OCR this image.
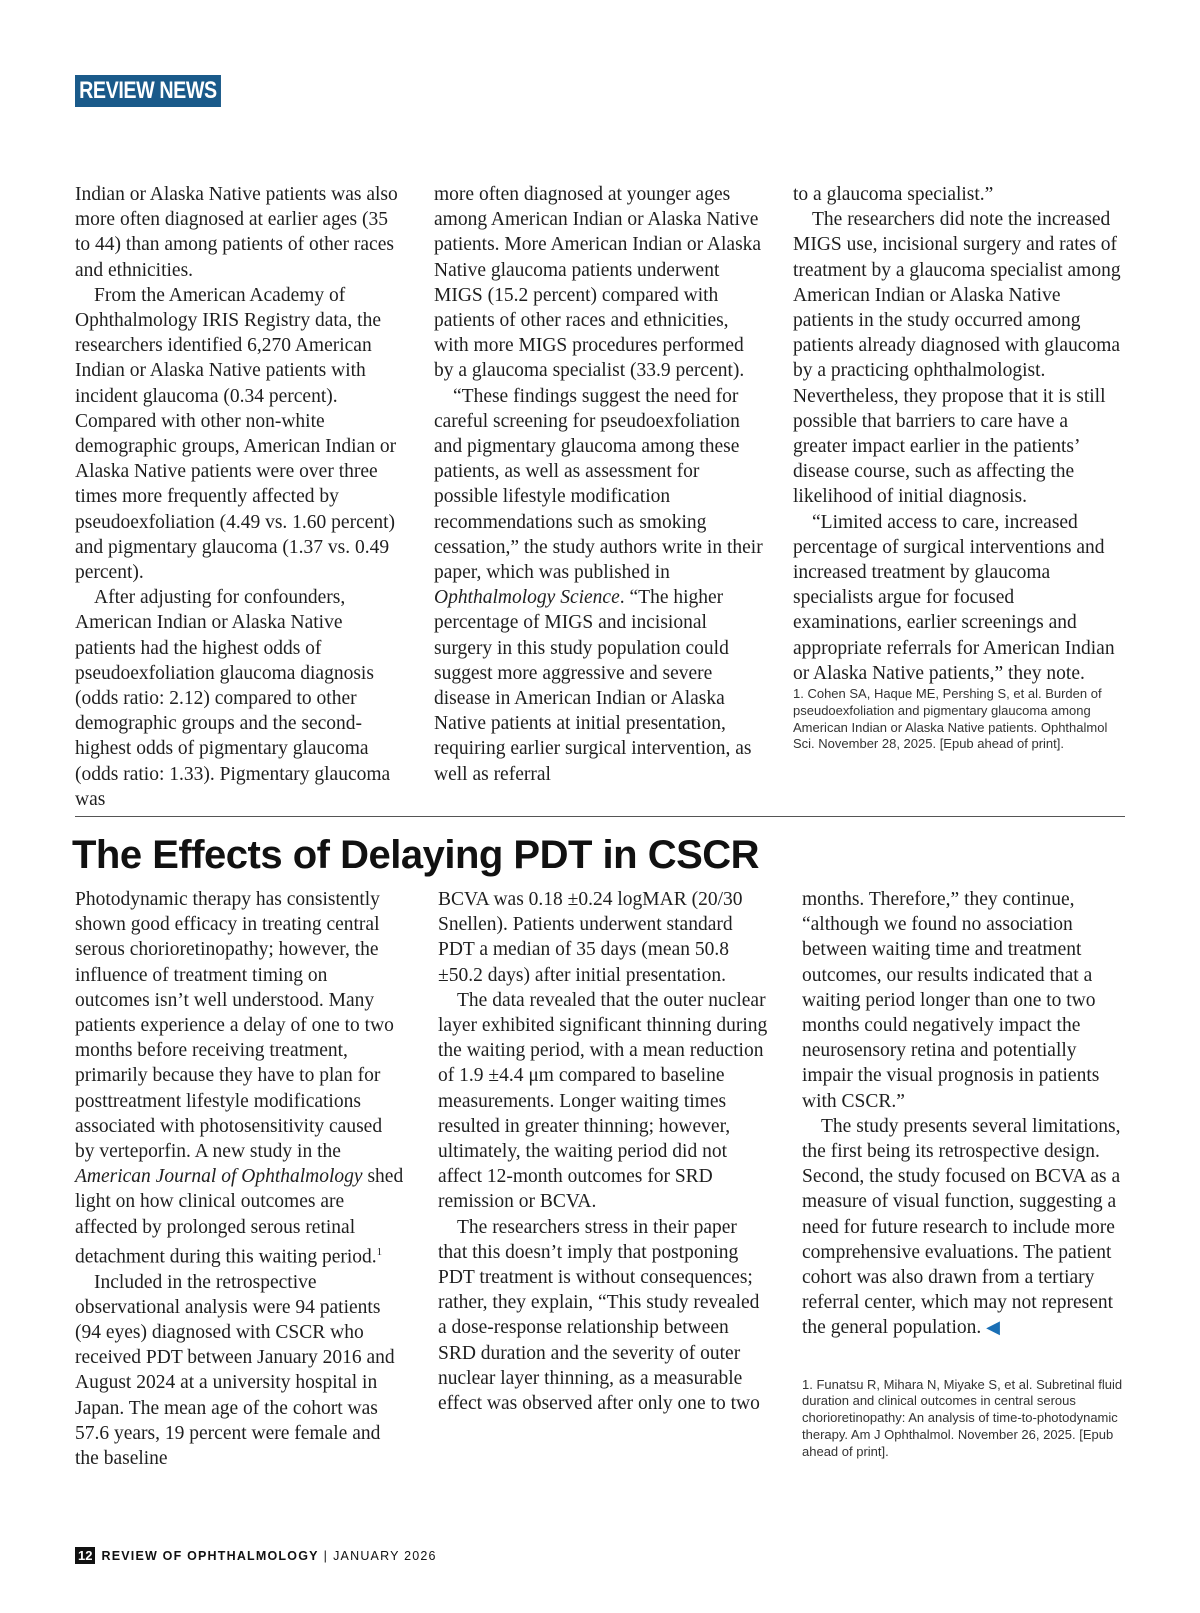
REVIEW NEWS

Indian or Alaska Native patients was also more often diagnosed at earlier ages (35 to 44) than among patients of other races and ethnicities.

From the American Academy of Ophthalmology IRIS Registry data, the researchers identified 6,270 American Indian or Alaska Native patients with incident glaucoma (0.34 percent). Compared with other non-white demographic groups, American Indian or Alaska Native patients were over three times more frequently affected by pseudoexfoliation (4.49 vs. 1.60 percent) and pigmentary glaucoma (1.37 vs. 0.49 percent).

After adjusting for confounders, American Indian or Alaska Native patients had the highest odds of pseudoexfoliation glaucoma diagnosis (odds ratio: 2.12) compared to other demographic groups and the second-highest odds of pigmentary glaucoma (odds ratio: 1.33). Pigmentary glaucoma was

more often diagnosed at younger ages among American Indian or Alaska Native patients. More American Indian or Alaska Native glaucoma patients underwent MIGS (15.2 percent) compared with patients of other races and ethnicities, with more MIGS procedures performed by a glaucoma specialist (33.9 percent).

“These findings suggest the need for careful screening for pseudoexfoliation and pigmentary glaucoma among these patients, as well as assessment for possible lifestyle modification recommendations such as smoking cessation,” the study authors write in their paper, which was published in Ophthalmology Science. “The higher percentage of MIGS and incisional surgery in this study population could suggest more aggressive and severe disease in American Indian or Alaska Native patients at initial presentation, requiring earlier surgical intervention, as well as referral

to a glaucoma specialist.”

The researchers did note the increased MIGS use, incisional surgery and rates of treatment by a glaucoma specialist among American Indian or Alaska Native patients in the study occurred among patients already diagnosed with glaucoma by a practicing ophthalmologist. Nevertheless, they propose that it is still possible that barriers to care have a greater impact earlier in the patients’ disease course, such as affecting the likelihood of initial diagnosis.

“Limited access to care, increased percentage of surgical interventions and increased treatment by glaucoma specialists argue for focused examinations, earlier screenings and appropriate referrals for American Indian or Alaska Native patients,” they note.

1. Cohen SA, Haque ME, Pershing S, et al. Burden of pseudoexfoliation and pigmentary glaucoma among American Indian or Alaska Native patients. Ophthalmol Sci. November 28, 2025. [Epub ahead of print].

The Effects of Delaying PDT in CSCR

Photodynamic therapy has consistently shown good efficacy in treating central serous chorioretinopathy; however, the influence of treatment timing on outcomes isn’t well understood. Many patients experience a delay of one to two months before receiving treatment, primarily because they have to plan for posttreatment lifestyle modifications associated with photosensitivity caused by verteporfin. A new study in the American Journal of Ophthalmology shed light on how clinical outcomes are affected by prolonged serous retinal detachment during this waiting period.$^1$

Included in the retrospective observational analysis were 94 patients (94 eyes) diagnosed with CSCR who received PDT between January 2016 and August 2024 at a university hospital in Japan. The mean age of the cohort was 57.6 years, 19 percent were female and the baseline

BCVA was 0.18 ±0.24 logMAR (20/30 Snellen). Patients underwent standard PDT a median of 35 days (mean 50.8 ±50.2 days) after initial presentation.

The data revealed that the outer nuclear layer exhibited significant thinning during the waiting period, with a mean reduction of 1.9 ±4.4 μm compared to baseline measurements. Longer waiting times resulted in greater thinning; however, ultimately, the waiting period did not affect 12-month outcomes for SRD remission or BCVA.

The researchers stress in their paper that this doesn’t imply that postponing PDT treatment is without consequences; rather, they explain, “This study revealed a dose-response relationship between SRD duration and the severity of outer nuclear layer thinning, as a measurable effect was observed after only one to two

months. Therefore,” they continue, “although we found no association between waiting time and treatment outcomes, our results indicated that a waiting period longer than one to two months could negatively impact the neurosensory retina and potentially impair the visual prognosis in patients with CSCR.”

The study presents several limitations, the first being its retrospective design. Second, the study focused on BCVA as a measure of visual function, suggesting a need for future research to include more comprehensive evaluations. The patient cohort was also drawn from a tertiary referral center, which may not represent the general population. ◀

1. Funatsu R, Mihara N, Miyake S, et al. Subretinal fluid duration and clinical outcomes in central serous chorioretinopathy: An analysis of time-to-photodynamic therapy. Am J Ophthalmol. November 26, 2025. [Epub ahead of print].

12 REVIEW OF OPHTHALMOLOGY | JANUARY 2026
